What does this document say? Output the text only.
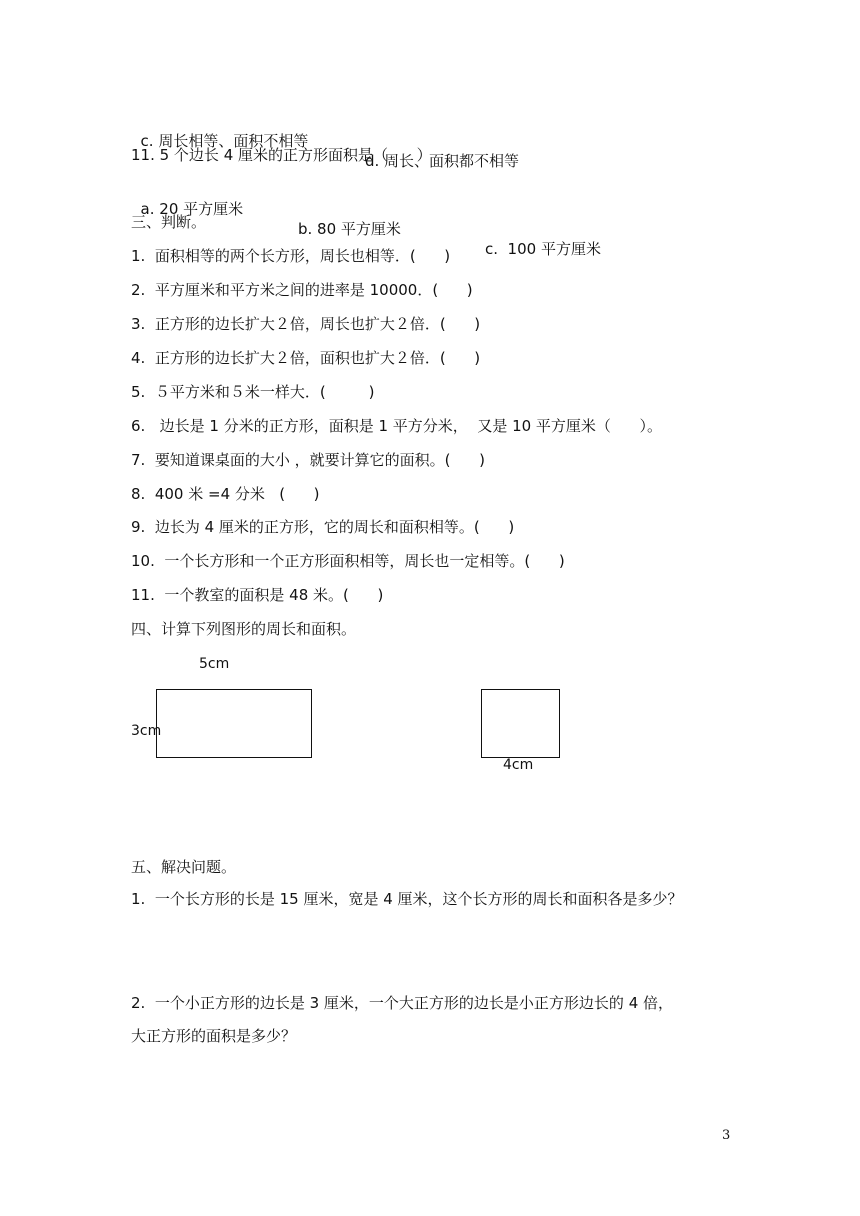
c. 周长相等、面积不相等

d. 周长、面积都不相等

11. 5 个边长 4 厘米的正方形面积是（      ）

a. 20 平方厘米

b. 80 平方厘米

c.  100 平方厘米

三、判断。
1.  面积相等的两个长方形，周长也相等．(      )
2.  平方厘米和平方米之间的进率是 10000．(      )
3.  正方形的边长扩大２倍，周长也扩大２倍．(      )
4.  正方形的边长扩大２倍，面积也扩大２倍．(      )
5.  ５平方米和５米一样大．(         )
6.   边长是 1 分米的正方形，面积是 1 平方分米，  又是 10 平方厘米（      ）。
7.  要知道课桌面的大小 ，就要计算它的面积。(      )
8.  400 米 =4 分米   (      )
9.  边长为 4 厘米的正方形，它的周长和面积相等。(      )
10.  一个长方形和一个正方形面积相等，周长也一定相等。(      )
11.  一个教室的面积是 48 米。(      )
四、计算下列图形的周长和面积。
5cm
3cm
4cm
五、解决问题。
1.  一个长方形的长是 15 厘米，宽是 4 厘米，这个长方形的周长和面积各是多少？
2.  一个小正方形的边长是 3 厘米，一个大正方形的边长是小正方形边长的 4 倍，
大正方形的面积是多少？
3
